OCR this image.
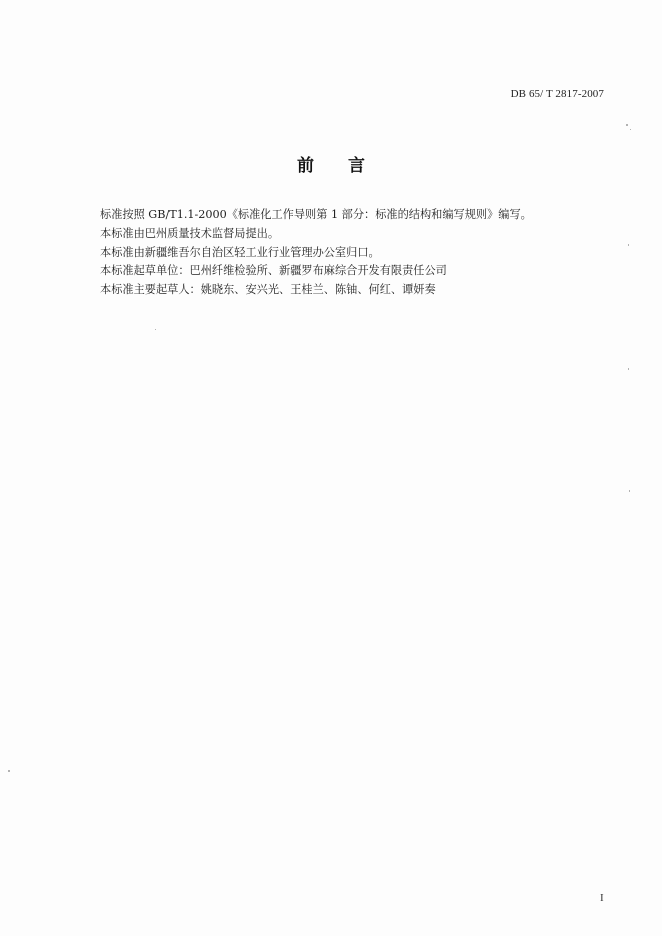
DB 65/ T 2817-2007
前言

标准按照 GB/T1.1-2000《标准化工作导则第 1 部分：标准的结构和编写规则》编写。

本标准由巴州质量技术监督局提出。

本标准由新疆维吾尔自治区轻工业行业管理办公室归口。

本标准起草单位：巴州纤维检验所、新疆罗布麻综合开发有限责任公司

本标准主要起草人：姚晓东、安兴光、王桂兰、陈铀、何红、谭妍奏

I
